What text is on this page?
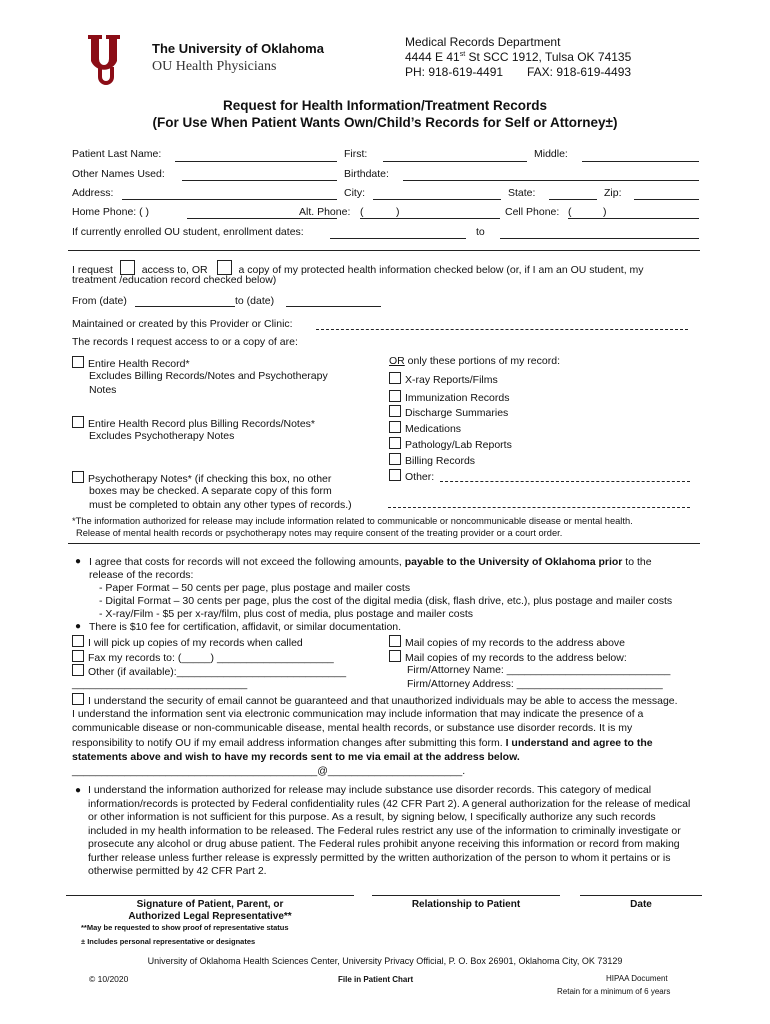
The University of Oklahoma
OU Health Physicians
Medical Records Department
4444 E 41st St SCC 1912, Tulsa OK 74135
PH: 918-619-4491 FAX: 918-619-4493
Request for Health Information/Treatment Records
(For Use When Patient Wants Own/Child’s Records for Self or Attorney±)
Patient Last Name:	First:	Middle:
Other Names Used:	Birthdate:
Address:	City:	State:	Zip:
Home Phone: ( )	Alt. Phone: (	)	Cell Phone: (	)
If currently enrolled OU student, enrollment dates:	to
I request	access to, OR	a copy of my protected health information checked below (or, if I am an OU student, my
treatment /education record checked below)
From (date)	to (date)
Maintained or created by this Provider or Clinic:
The records I request access to or a copy of are:
Entire Health Record*
Excludes Billing Records/Notes and Psychotherapy
Notes
Entire Health Record plus Billing Records/Notes*
Excludes Psychotherapy Notes
Psychotherapy Notes* (if checking this box, no other
boxes may be checked. A separate copy of this form
must be completed to obtain any other types of records.)
OR only these portions of my record:
X-ray Reports/Films
Immunization Records
Discharge Summaries
Medications
Pathology/Lab Reports
Billing Records
Other:
*The information authorized for release may include information related to communicable or noncommunicable disease or mental health.
Release of mental health records or psychotherapy notes may require consent of the treating provider or a court order.
● I agree that costs for records will not exceed the following amounts, payable to the University of Oklahoma prior to the
release of the records:
- Paper Format – 50 cents per page, plus postage and mailer costs
- Digital Format – 30 cents per page, plus the cost of the digital media (disk, flash drive, etc.), plus postage and mailer costs
- X-ray/Film - $5 per x-ray/film, plus cost of media, plus postage and mailer costs
● There is $10 fee for certification, affidavit, or similar documentation.
I will pick up copies of my records when called
Fax my records to: (_____) ____________________
Other (if available):_____________________________
______________________________
Mail copies of my records to the address above
Mail copies of my records to the address below:
Firm/Attorney Name: ____________________________
Firm/Attorney Address: _________________________
I understand the security of email cannot be guaranteed and that unauthorized individuals may be able to access the message.
I understand the information sent via electronic communication may include information that may indicate the presence of a
communicable disease or non-communicable disease, mental health records, or substance use disorder records. It is my
responsibility to notify OU if my email address information changes after submitting this form. I understand and agree to the
statements above and wish to have my records sent to me via email at the address below.
__________________________________________@_______________________.
● I understand the information authorized for release may include substance use disorder records. This category of medical information/records is protected by Federal confidentiality rules (42 CFR Part 2). A general authorization for the release of medical or other information is not sufficient for this purpose. As a result, by signing below, I specifically authorize any such records included in my health information to be released. The Federal rules restrict any use of the information to criminally investigate or prosecute any alcohol or drug abuse patient. The Federal rules prohibit anyone receiving this information or record from making further release unless further release is expressly permitted by the written authorization of the person to whom it pertains or is otherwise permitted by 42 CFR Part 2.

Signature of Patient, Parent, or
Authorized Legal Representative**
Relationship to Patient	Date
**May be requested to show proof of representative status
± Includes personal representative or designates
University of Oklahoma Health Sciences Center, University Privacy Official, P. O. Box 26901, Oklahoma City, OK 73129
© 10/2020	File in Patient Chart	HIPAA Document
Retain for a minimum of 6 years
